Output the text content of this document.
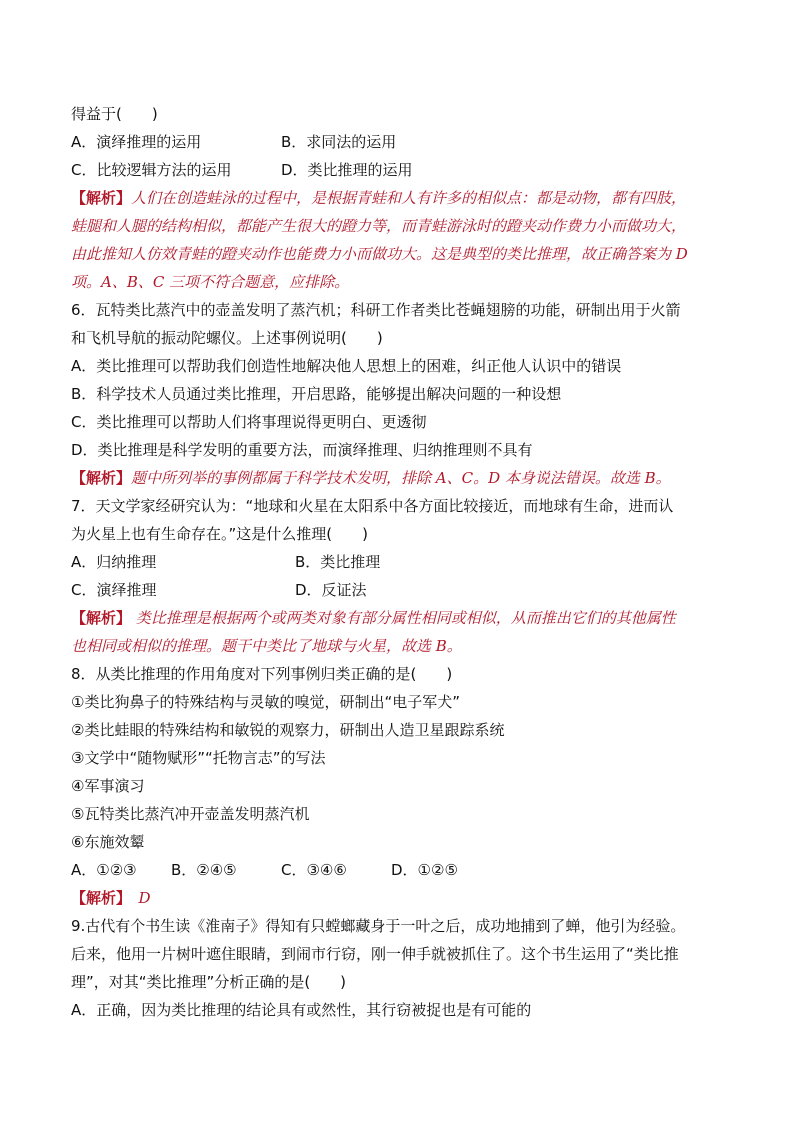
得益于(　　)
A．演绎推理的运用	B．求同法的运用
C．比较逻辑方法的运用	D．类比推理的运用
【解析】人们在创造蛙泳的过程中，是根据青蛙和人有许多的相似点：都是动物，都有四肢，
蛙腿和人腿的结构相似，都能产生很大的蹬力等，而青蛙游泳时的蹬夹动作费力小而做功大，
由此推知人仿效青蛙的蹬夹动作也能费力小而做功大。这是典型的类比推理，故正确答案为 D
项。A、B、C 三项不符合题意，应排除。
6．瓦特类比蒸汽中的壶盖发明了蒸汽机；科研工作者类比苍蝇翅膀的功能，研制出用于火箭
和飞机导航的振动陀螺仪。上述事例说明(　　)
A．类比推理可以帮助我们创造性地解决他人思想上的困难，纠正他人认识中的错误
B．科学技术人员通过类比推理，开启思路，能够提出解决问题的一种设想
C．类比推理可以帮助人们将事理说得更明白、更透彻
D．类比推理是科学发明的重要方法，而演绎推理、归纳推理则不具有
【解析】题中所列举的事例都属于科学技术发明，排除 A、C。D 本身说法错误。故选 B。
7．天文学家经研究认为：“地球和火星在太阳系中各方面比较接近，而地球有生命，进而认
为火星上也有生命存在。”这是什么推理(　　)
A．归纳推理	B．类比推理
C．演绎推理	D．反证法
【解析】 类比推理是根据两个或两类对象有部分属性相同或相似，从而推出它们的其他属性
也相同或相似的推理。题干中类比了地球与火星，故选 B。
8．从类比推理的作用角度对下列事例归类正确的是(　　)
①类比狗鼻子的特殊结构与灵敏的嗅觉，研制出“电子军犬”
②类比蛙眼的特殊结构和敏锐的观察力，研制出人造卫星跟踪系统
③文学中“随物赋形”“托物言志”的写法
④军事演习
⑤瓦特类比蒸汽冲开壶盖发明蒸汽机
⑥东施效颦
A．①②③	B．②④⑤	C．③④⑥	D．①②⑤
【解析】　D
9.古代有个书生读《淮南子》得知有只螳螂藏身于一叶之后，成功地捕到了蝉，他引为经验。
后来，他用一片树叶遮住眼睛，到闹市行窃，刚一伸手就被抓住了。这个书生运用了“类比推
理”，对其“类比推理”分析正确的是(　　)
A．正确，因为类比推理的结论具有或然性，其行窃被捉也是有可能的
